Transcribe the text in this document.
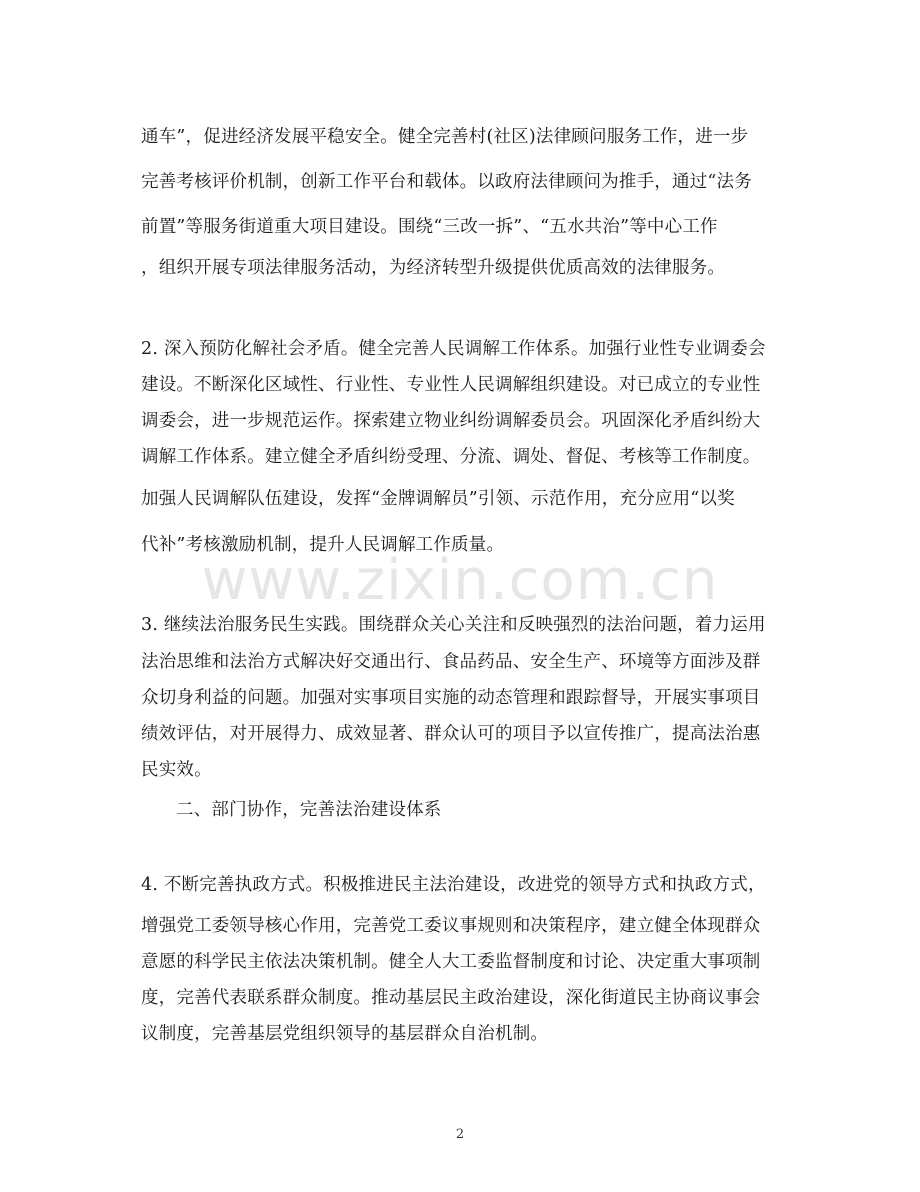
www.zixin.com.cn
通车”，促进经济发展平稳安全。健全完善村(社区)法律顾问服务工作，进一步
完善考核评价机制，创新工作平台和载体。以政府法律顾问为推手，通过“法务
前置”等服务街道重大项目建设。围绕“三改一拆”、“五水共治”等中心工作
，组织开展专项法律服务活动，为经济转型升级提供优质高效的法律服务。
2. 深入预防化解社会矛盾。健全完善人民调解工作体系。加强行业性专业调委会
建设。不断深化区域性、行业性、专业性人民调解组织建设。对已成立的专业性
调委会，进一步规范运作。探索建立物业纠纷调解委员会。巩固深化矛盾纠纷大
调解工作体系。建立健全矛盾纠纷受理、分流、调处、督促、考核等工作制度。
加强人民调解队伍建设，发挥“金牌调解员”引领、示范作用，充分应用“以奖
代补”考核激励机制，提升人民调解工作质量。
3. 继续法治服务民生实践。围绕群众关心关注和反映强烈的法治问题，着力运用
法治思维和法治方式解决好交通出行、食品药品、安全生产、环境等方面涉及群
众切身利益的问题。加强对实事项目实施的动态管理和跟踪督导，开展实事项目
绩效评估，对开展得力、成效显著、群众认可的项目予以宣传推广，提高法治惠
民实效。
二、部门协作，完善法治建设体系
4. 不断完善执政方式。积极推进民主法治建设，改进党的领导方式和执政方式，
增强党工委领导核心作用，完善党工委议事规则和决策程序，建立健全体现群众
意愿的科学民主依法决策机制。健全人大工委监督制度和讨论、决定重大事项制
度，完善代表联系群众制度。推动基层民主政治建设，深化街道民主协商议事会
议制度，完善基层党组织领导的基层群众自治机制。
2
